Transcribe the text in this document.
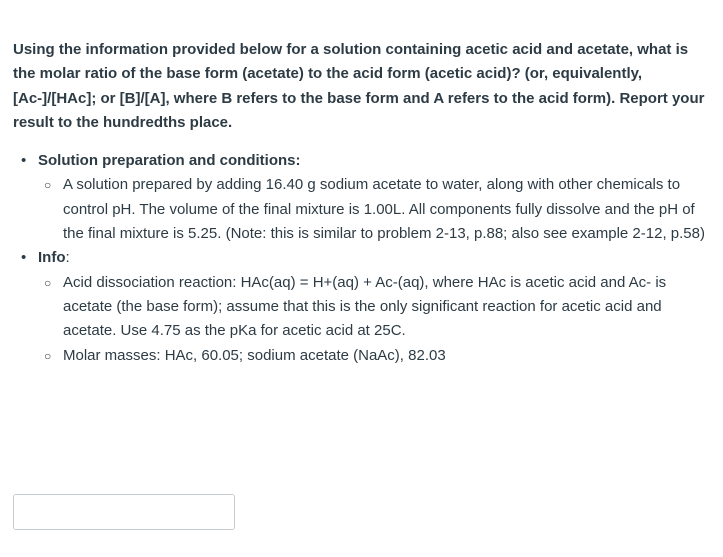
Using the information provided below for a solution containing acetic acid and acetate, what is the molar ratio of the base form (acetate) to the acid form (acetic acid)? (or, equivalently, [Ac-]/[HAc]; or [B]/[A], where B refers to the base form and A refers to the acid form). Report your result to the hundredths place.

• Solution preparation and conditions:
○ A solution prepared by adding 16.40 g sodium acetate to water, along with other chemicals to control pH. The volume of the final mixture is 1.00L. All components fully dissolve and the pH of the final mixture is 5.25. (Note: this is similar to problem 2-13, p.88; also see example 2-12, p.58)
• Info:
○ Acid dissociation reaction: HAc(aq) = H+(aq) + Ac-(aq), where HAc is acetic acid and Ac- is acetate (the base form); assume that this is the only significant reaction for acetic acid and acetate. Use 4.75 as the pKa for acetic acid at 25C.
○ Molar masses: HAc, 60.05; sodium acetate (NaAc), 82.03
